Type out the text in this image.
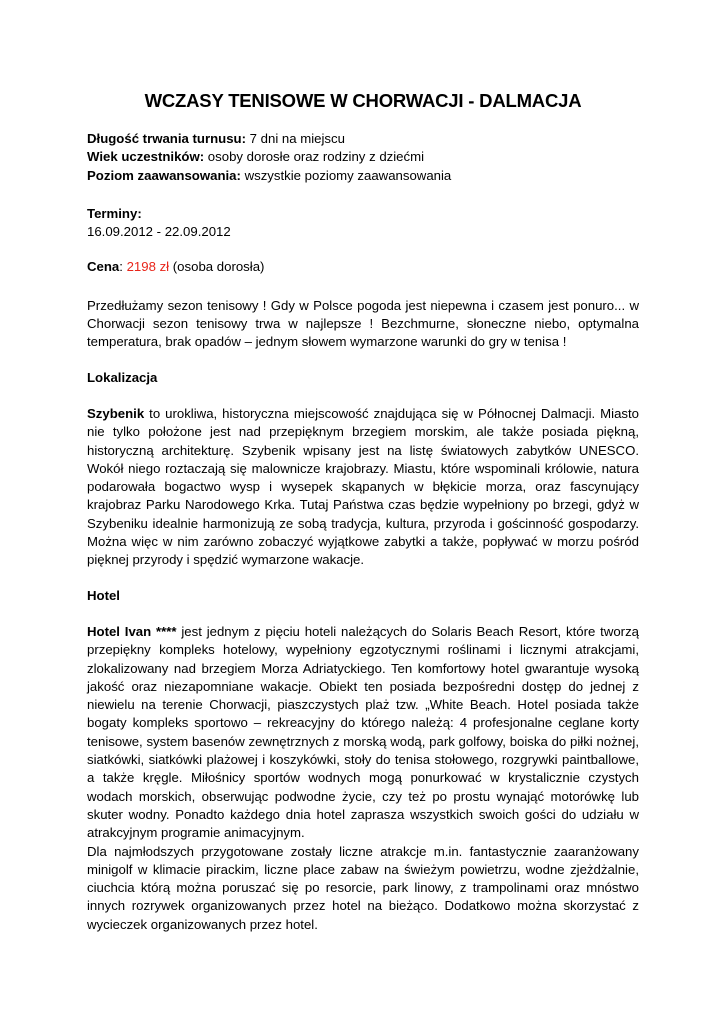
WCZASY TENISOWE W CHORWACJI - DALMACJA

Długość trwania turnusu: 7 dni na miejscu

Wiek uczestników: osoby dorosłe oraz rodziny z dziećmi

Poziom zaawansowania: wszystkie poziomy zaawansowania

Terminy:

16.09.2012 - 22.09.2012

Cena: 2198 zł (osoba dorosła)

Przedłużamy sezon tenisowy ! Gdy w Polsce pogoda jest niepewna i czasem jest ponuro... w Chorwacji sezon tenisowy trwa w najlepsze ! Bezchmurne, słoneczne niebo, optymalna temperatura, brak opadów – jednym słowem wymarzone warunki do gry w tenisa !

Lokalizacja

Szybenik to urokliwa, historyczna miejscowość znajdująca się w Północnej Dalmacji. Miasto nie tylko położone jest nad przepięknym brzegiem morskim, ale także posiada piękną, historyczną architekturę. Szybenik wpisany jest na listę światowych zabytków UNESCO. Wokół niego roztaczają się malownicze krajobrazy. Miastu, które wspominali królowie, natura podarowała bogactwo wysp i wysepek skąpanych w błękicie morza, oraz fascynujący krajobraz Parku Narodowego Krka. Tutaj Państwa czas będzie wypełniony po brzegi, gdyż w Szybeniku idealnie harmonizują ze sobą tradycja, kultura, przyroda i gościnność gospodarzy. Można więc w nim zarówno zobaczyć wyjątkowe zabytki a także, popływać w morzu pośród pięknej przyrody i spędzić wymarzone wakacje.

Hotel

Hotel Ivan **** jest jednym z pięciu hoteli należących do Solaris Beach Resort, które tworzą przepiękny kompleks hotelowy, wypełniony egzotycznymi roślinami i licznymi atrakcjami, zlokalizowany nad brzegiem Morza Adriatyckiego. Ten komfortowy hotel gwarantuje wysoką jakość oraz niezapomniane wakacje. Obiekt ten posiada bezpośredni dostęp do jednej z niewielu na terenie Chorwacji, piaszczystych plaż tzw. „White Beach. Hotel posiada także bogaty kompleks sportowo – rekreacyjny do którego należą: 4 profesjonalne ceglane korty tenisowe, system basenów zewnętrznych z morską wodą, park golfowy, boiska do piłki nożnej, siatkówki, siatkówki plażowej i koszykówki, stoły do tenisa stołowego, rozgrywki paintballowe, a także kręgle. Miłośnicy sportów wodnych mogą ponurkować w krystalicznie czystych wodach morskich, obserwując podwodne życie, czy też po prostu wynająć motorówkę lub skuter wodny. Ponadto każdego dnia hotel zaprasza wszystkich swoich gości do udziału w atrakcyjnym programie animacyjnym.

Dla najmłodszych przygotowane zostały liczne atrakcje m.in. fantastycznie zaaranżowany minigolf w klimacie pirackim, liczne place zabaw na świeżym powietrzu, wodne zjeżdżalnie, ciuchcia którą można poruszać się po resorcie, park linowy, z trampolinami oraz mnóstwo innych rozrywek organizowanych przez hotel na bieżąco. Dodatkowo można skorzystać z wycieczek organizowanych przez hotel.
